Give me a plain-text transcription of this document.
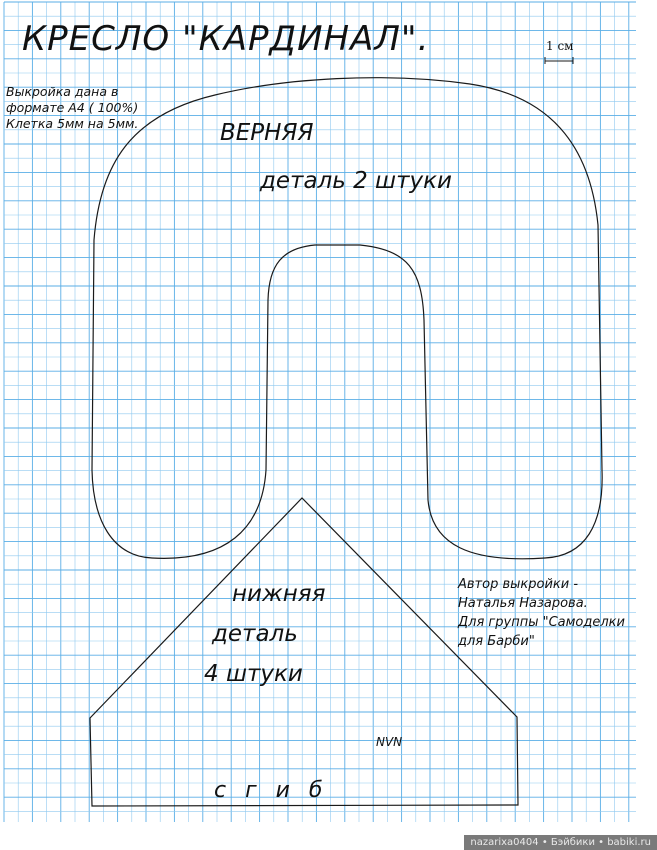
КРЕСЛО "КАРДИНАЛ".	1 см

Выкройка дана в
формате А4 ( 100%)
Клетка 5мм на 5мм.	ВЕРНЯЯ

деталь 2 штуки

нижняя

деталь

4 штуки

с г и б

NVN

Автор выкройки -
Наталья Назарова.
Для группы "Самоделки
для Барби"
nazarixa0404 • Бэйбики • babiki.ru
